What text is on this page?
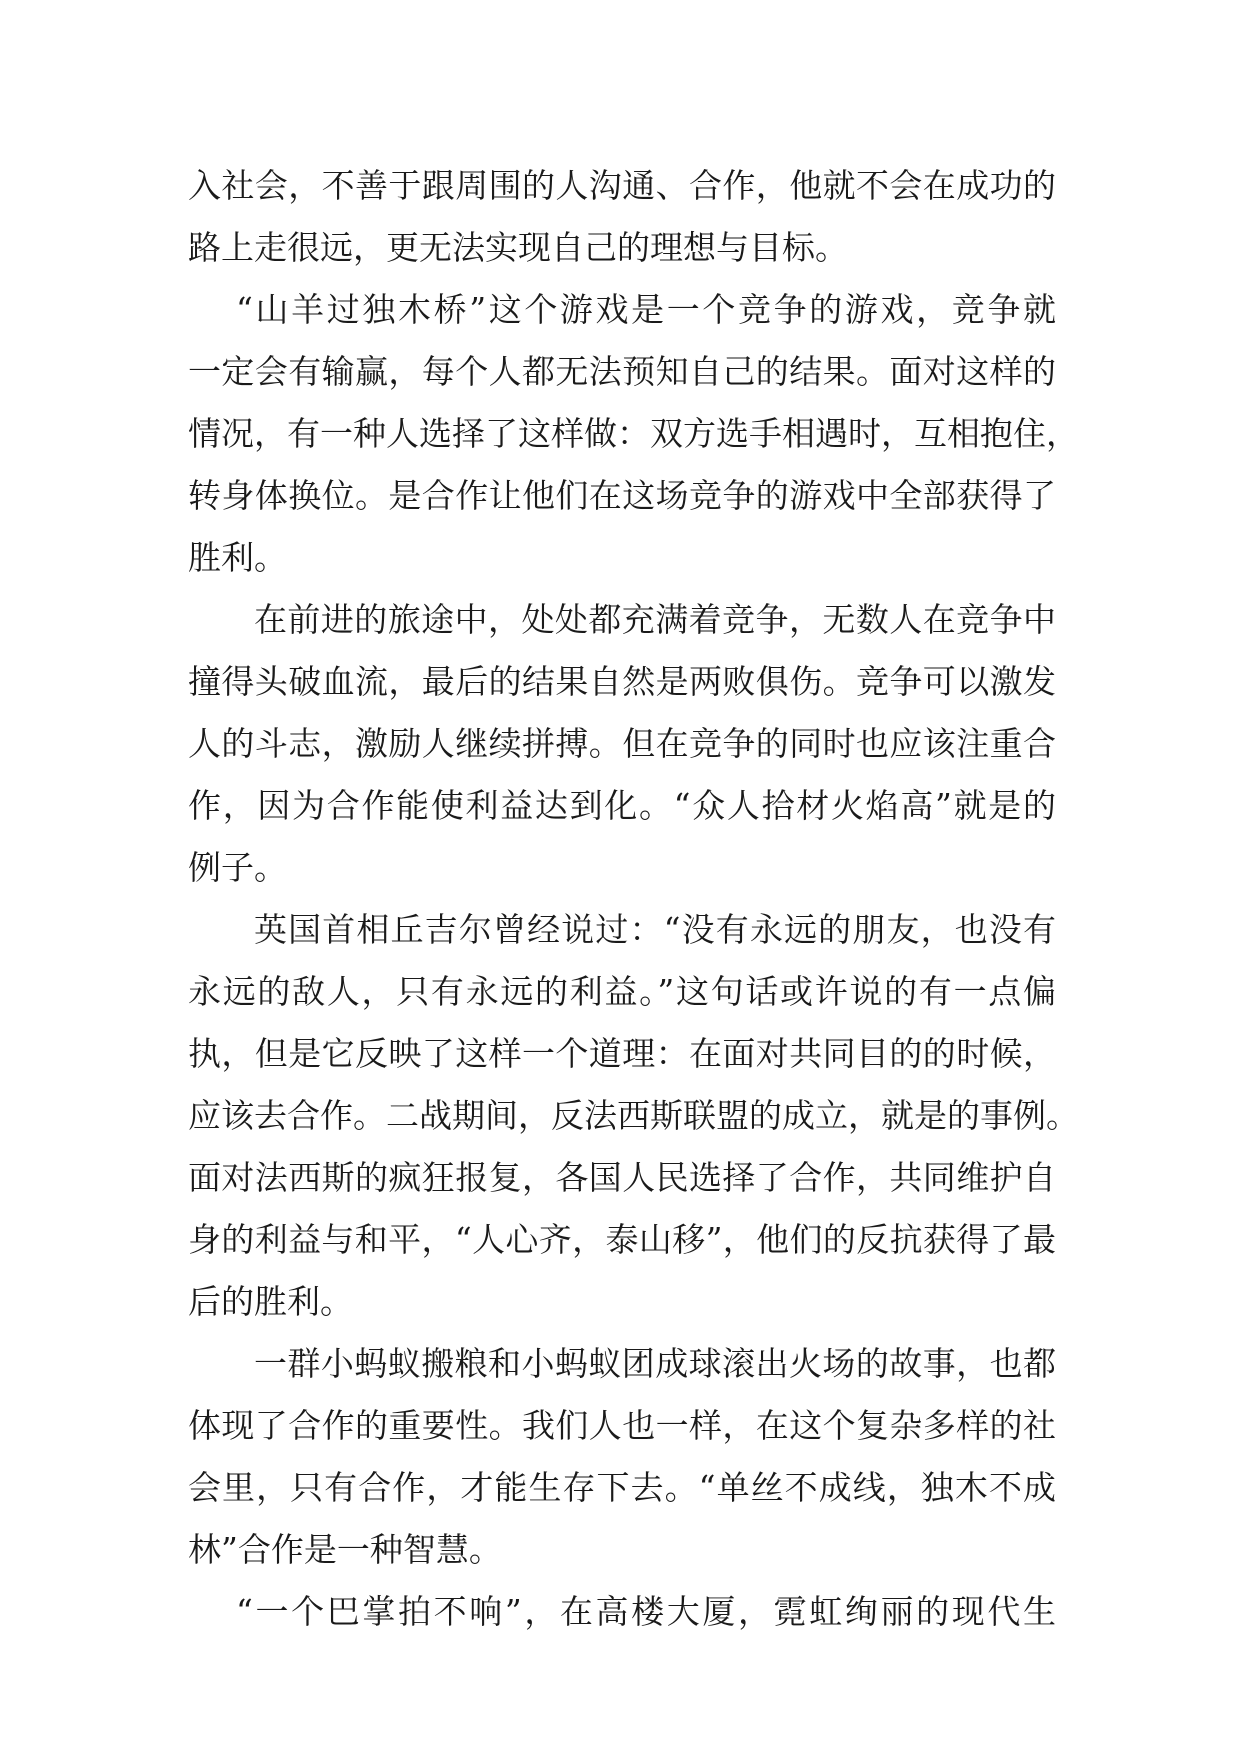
入社会，不善于跟周围的人沟通、合作，他就不会在成功的
路上走很远，更无法实现自己的理想与目标。
“山羊过独木桥”这个游戏是一个竞争的游戏，竞争就
一定会有输赢，每个人都无法预知自己的结果。面对这样的
情况，有一种人选择了这样做：双方选手相遇时，互相抱住，
转身体换位。是合作让他们在这场竞争的游戏中全部获得了
胜利。
在前进的旅途中，处处都充满着竞争，无数人在竞争中
撞得头破血流，最后的结果自然是两败俱伤。竞争可以激发
人的斗志，激励人继续拼搏。但在竞争的同时也应该注重合
作，因为合作能使利益达到化。“众人拾材火焰高”就是的
例子。
英国首相丘吉尔曾经说过：“没有永远的朋友，也没有
永远的敌人，只有永远的利益。”这句话或许说的有一点偏
执，但是它反映了这样一个道理：在面对共同目的的时候，
应该去合作。二战期间，反法西斯联盟的成立，就是的事例。
面对法西斯的疯狂报复，各国人民选择了合作，共同维护自
身的利益与和平，“人心齐，泰山移”，他们的反抗获得了最
后的胜利。
一群小蚂蚁搬粮和小蚂蚁团成球滚出火场的故事，也都
体现了合作的重要性。我们人也一样，在这个复杂多样的社
会里，只有合作，才能生存下去。“单丝不成线，独木不成
林”合作是一种智慧。
“一个巴掌拍不响”，在高楼大厦，霓虹绚丽的现代生
